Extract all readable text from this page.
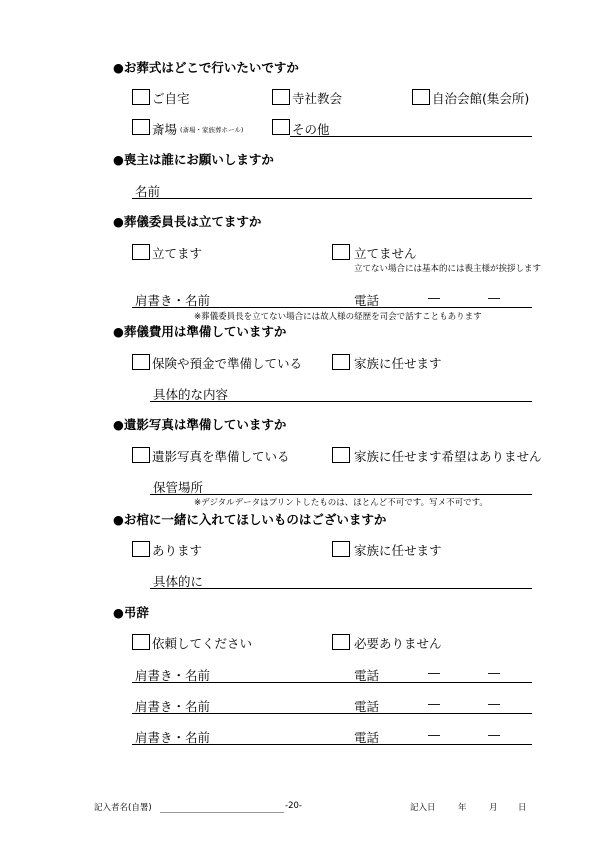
●お葬式はどこで行いたいですか
ご自宅	寺社教会	自治会館(集会所)
斎場 (斎場・家族葬ホール)	その他
●喪主は誰にお願いしますか
名前
●葬儀委員長は立てますか
立てます	立てません
立てない場合には基本的には喪主様が挨拶します
肩書き・名前	電話	―	―
※葬儀委員長を立てない場合には故人様の経歴を司会で話すこともあります
●葬儀費用は準備していますか
保険や預金で準備している	家族に任せます
具体的な内容
●遺影写真は準備していますか
遺影写真を準備している	家族に任せます希望はありません
保管場所
※デジタルデータはプリントしたものは、ほとんど不可です。写メ不可です。
●お棺に一緒に入れてほしいものはございますか
あります	家族に任せます
具体的に
●弔辞
依頼してください	必要ありません
肩書き・名前	電話	―	―
肩書き・名前	電話	―	―
肩書き・名前	電話	―	―
記入者名(自署)	-20-	記入日	年	月 日
